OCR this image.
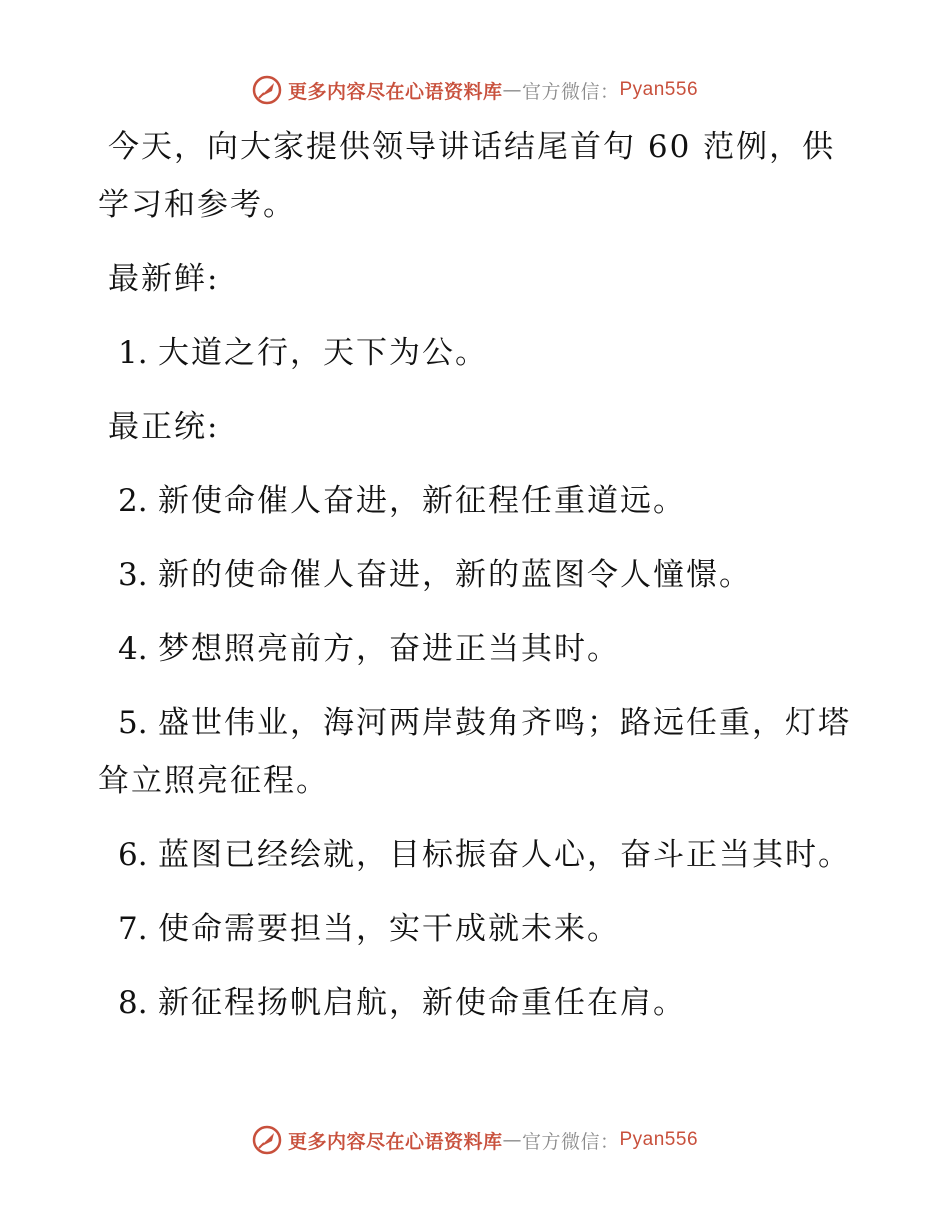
更多内容尽在心语资料库 — 官方微信： Pyan556

今天，向大家提供领导讲话结尾首句 60 范例，供学习和参考。

最新鲜:

1. 大道之行，天下为公。

最正统:

2. 新使命催人奋进，新征程任重道远。

3. 新的使命催人奋进，新的蓝图令人憧憬。

4. 梦想照亮前方，奋进正当其时。

5. 盛世伟业，海河两岸鼓角齐鸣；路远任重，灯塔耸立照亮征程。

6. 蓝图已经绘就，目标振奋人心，奋斗正当其时。

7. 使命需要担当，实干成就未来。

8. 新征程扬帆启航，新使命重任在肩。

更多内容尽在心语资料库 — 官方微信： Pyan556
